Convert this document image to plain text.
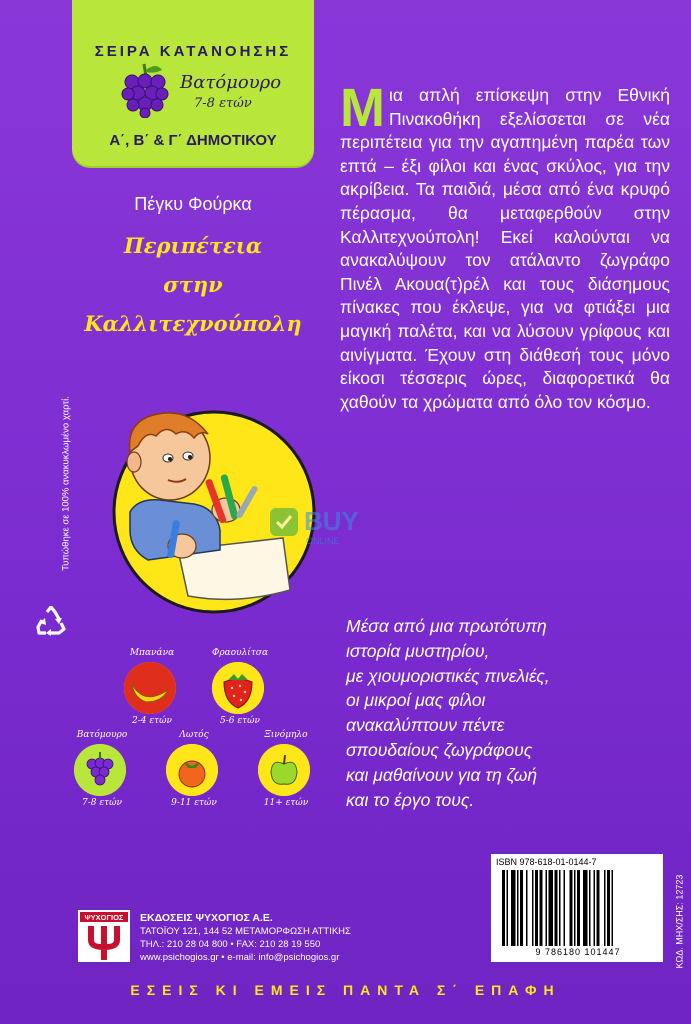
ΣΕΙΡΑ ΚΑΤΑΝΟΗΣΗΣ
Βατόμουρο
7-8 ετών
Α΄, Β΄ & Γ΄ ΔΗΜΟΤΙΚΟΥ
Πέγκυ Φούρκα
Περιπέτεια
στην
Καλλιτεχνούπολη
Τυπώθηκε σε 100% ανακυκλωμένο χαρτί.
Μπανάνα
2-4 ετών
Φραουλίτσα
5-6 ετών
Βατόμουρο
7-8 ετών
Λωτός
9-11 ετών
Ξινόμηλο
11+ ετών
Μια απλή επίσκεψη στην Εθνική Πινακοθήκη εξελίσσεται σε νέα περιπέτεια για την αγαπημένη παρέα των επτά – έξι φίλοι και ένας σκύλος, για την ακρίβεια. Τα παιδιά, μέσα από ένα κρυφό πέρασμα, θα μεταφερθούν στην Καλλιτεχνούπολη! Εκεί καλούνται να ανακαλύψουν τον ατάλαντο ζωγράφο Πινέλ Ακουα(τ)ρέλ και τους διάσημους πίνακες που έκλεψε, για να φτιάξει μια μαγική παλέτα, και να λύσουν γρίφους και αινίγματα. Έχουν στη διάθεσή τους μόνο είκοσι τέσσερις ώρες, διαφορετικά θα χαθούν τα χρώματα από όλο τον κόσμο.
BUY
ONLINE
Μέσα από μια πρωτότυπη
ιστορία μυστηρίου,
με χιουμοριστικές πινελιές,
οι μικροί μας φίλοι
ανακαλύπτουν πέντε
σπουδαίους ζωγράφους
και μαθαίνουν για τη ζωή
και το έργο τους.
ISBN 978-618-01-0144-7
9 786180 101447	ΚΩΔ. ΜΗΧ/ΣΗΣ: 12723
ΨΥΧΟΓΙΟΣ ΕΚΔΟΣΕΙΣ ΨΥΧΟΓΙΟΣ Α.Ε.
ΤΑΤΟΪΟΥ 121, 144 52 ΜΕΤΑΜΟΡΦΩΣΗ ΑΤΤΙΚΗΣ
ΤΗΛ.: 210 28 04 800 • FAX: 210 28 19 550
www.psichogios.gr • e-mail: info@psichogios.gr
ΕΣΕΙΣ ΚΙ ΕΜΕΙΣ ΠΑΝΤΑ Σ΄ ΕΠΑΦΗ
